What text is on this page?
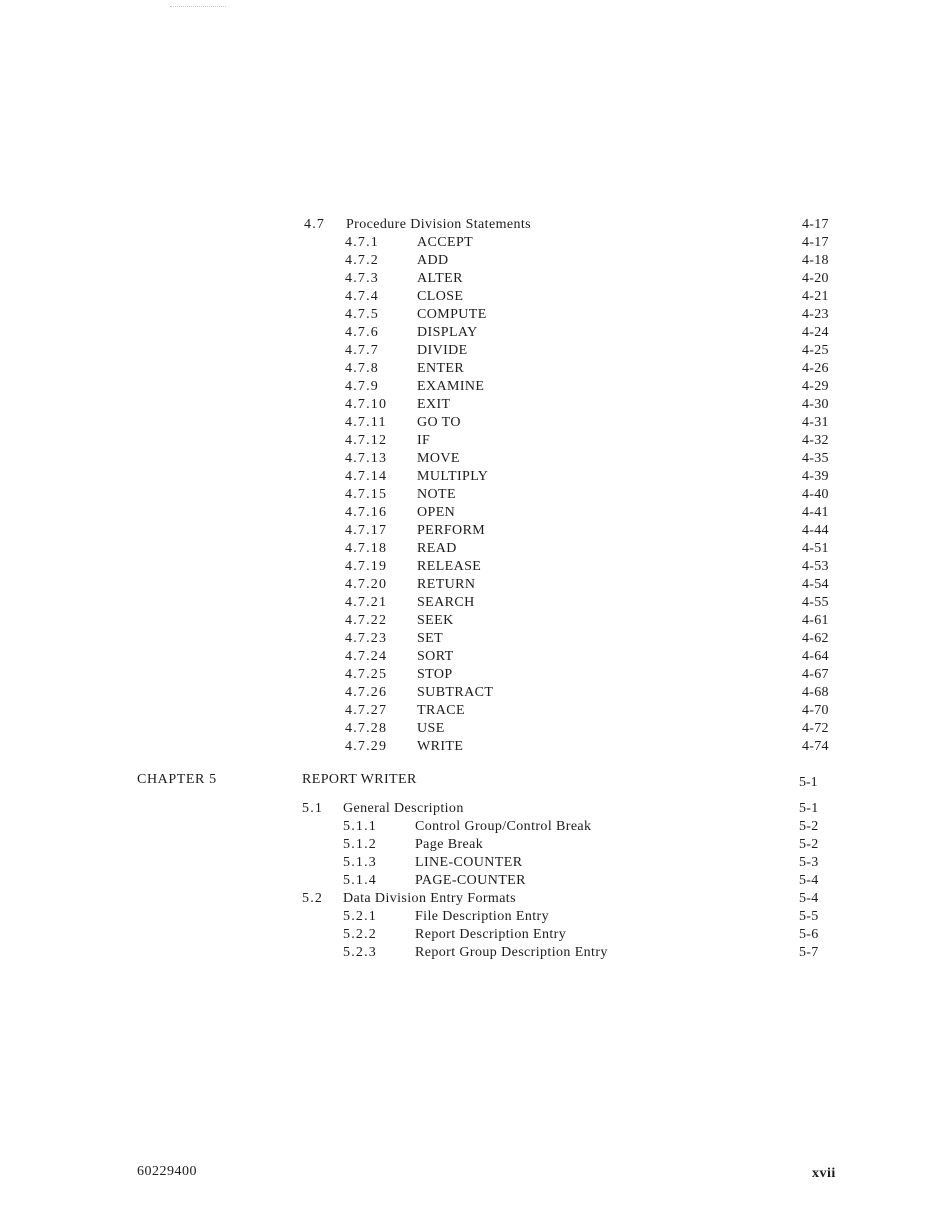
4.7 Procedure Division Statements	4-17
4.7.1	ACCEPT	4-17
4.7.2	ADD	4-18
4.7.3	ALTER	4-20
4.7.4	CLOSE	4-21
4.7.5	COMPUTE	4-23
4.7.6	DISPLAY	4-24
4.7.7	DIVIDE	4-25
4.7.8	ENTER	4-26
4.7.9	EXAMINE	4-29
4.7.10 EXIT	4-30
4.7.11 GO TO	4-31
4.7.12 IF	4-32
4.7.13 MOVE	4-35
4.7.14 MULTIPLY	4-39
4.7.15 NOTE	4-40
4.7.16 OPEN	4-41
4.7.17 PERFORM	4-44
4.7.18 READ	4-51
4.7.19 RELEASE	4-53
4.7.20 RETURN	4-54
4.7.21 SEARCH	4-55
4.7.22 SEEK	4-61
4.7.23 SET	4-62
4.7.24 SORT	4-64
4.7.25 STOP	4-67
4.7.26 SUBTRACT	4-68
4.7.27 TRACE	4-70
4.7.28 USE	4-72
4.7.29 WRITE	4-74
CHAPTER 5	REPORT WRITER	5-1
5.1 General Description	5-1
5.1.1	Control Group/Control Break	5-2
5.1.2	Page Break	5-2
5.1.3	LINE-COUNTER	5-3
5.1.4	PAGE-COUNTER	5-4
5.2 Data Division Entry Formats	5-4
5.2.1	File Description Entry	5-5
5.2.2	Report Description Entry	5-6
5.2.3	Report Group Description Entry	5-7
60229400	xvii
